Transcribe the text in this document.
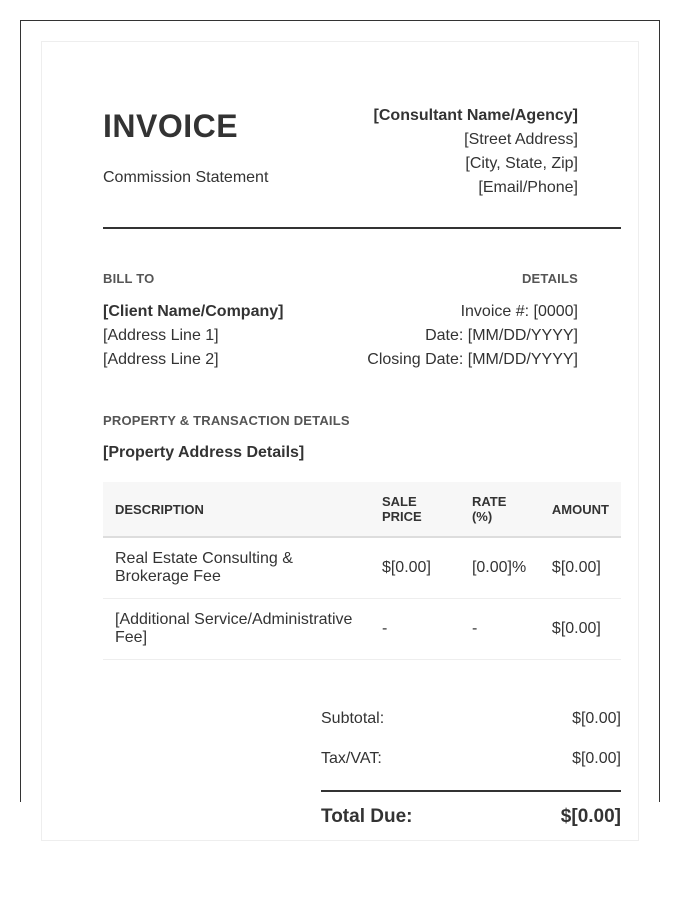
INVOICE
Commission Statement
[Consultant Name/Agency]
[Street Address]
[City, State, Zip]
[Email/Phone]
BILL TO	DETAILS
[Client Name/Company]
[Address Line 1]
[Address Line 2]
Invoice #: [0000]
Date: [MM/DD/YYYY]
Closing Date: [MM/DD/YYYY]
PROPERTY & TRANSACTION DETAILS
[Property Address Details]
DESCRIPTION	SALE PRICE	RATE (%)	AMOUNT
Real Estate Consulting & Brokerage Fee	$[0.00]	[0.00]%	$[0.00]
[Additional Service/Administrative Fee]	-	-	$[0.00]
Subtotal:	$[0.00]
Tax/VAT:	$[0.00]
Total Due:	$[0.00]
